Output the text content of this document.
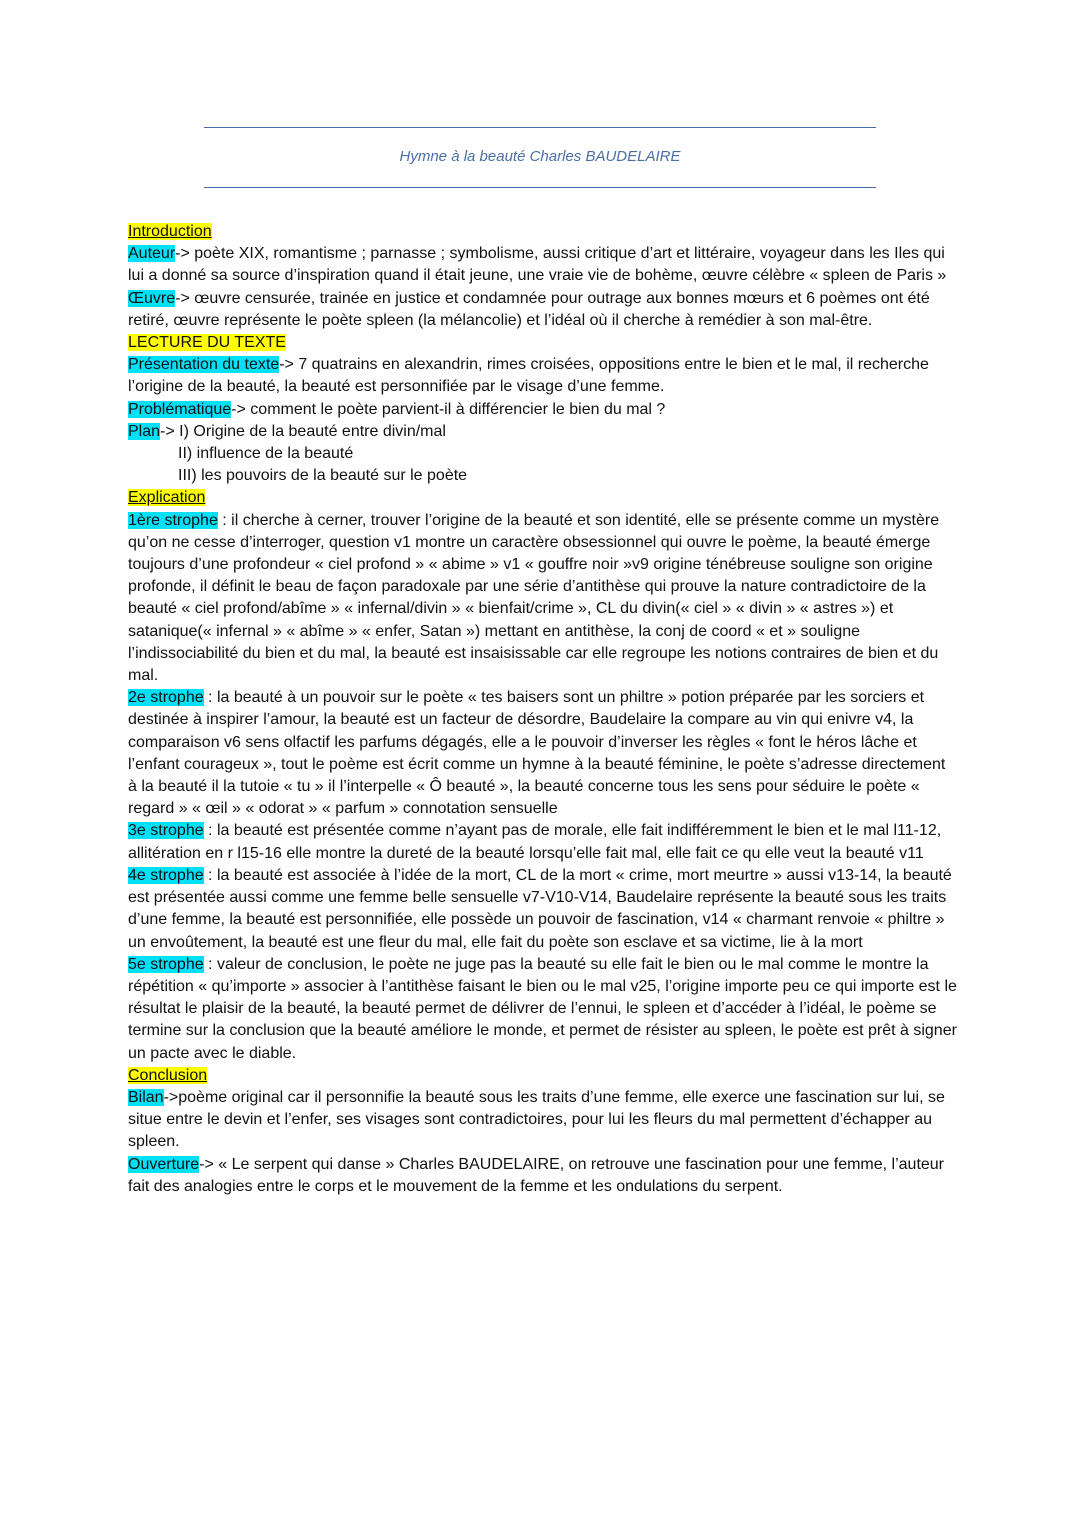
Hymne à la beauté Charles BAUDELAIRE

Introduction

Auteur-> poète XIX, romantisme ; parnasse ; symbolisme, aussi critique d’art et littéraire, voyageur dans les Iles qui lui a donné sa source d’inspiration quand il était jeune, une vraie vie de bohème, œuvre célèbre « spleen de Paris »

Œuvre-> œuvre censurée, trainée en justice et condamnée pour outrage aux bonnes mœurs et 6 poèmes ont été retiré, œuvre représente le poète spleen (la mélancolie) et l’idéal où il cherche à remédier à son mal-être.

LECTURE DU TEXTE

Présentation du texte-> 7 quatrains en alexandrin, rimes croisées, oppositions entre le bien et le mal, il recherche l’origine de la beauté, la beauté est personnifiée par le visage d’une femme.

Problématique-> comment le poète parvient-il à différencier le bien du mal ?

Plan-> I) Origine de la beauté entre divin/mal

II) influence de la beauté

III) les pouvoirs de la beauté sur le poète

Explication

1ère strophe : il cherche à cerner, trouver l’origine de la beauté et son identité, elle se présente comme un mystère qu’on ne cesse d’interroger, question v1 montre un caractère obsessionnel qui ouvre le poème, la beauté émerge toujours d’une profondeur « ciel profond » « abime » v1 « gouffre noir »v9 origine ténébreuse souligne son origine profonde, il définit le beau de façon paradoxale par une série d’antithèse qui prouve la nature contradictoire de la beauté « ciel profond/abîme » « infernal/divin » « bienfait/crime », CL du divin(« ciel » « divin » « astres ») et satanique(« infernal » « abîme » « enfer, Satan ») mettant en antithèse, la conj de coord « et » souligne l’indissociabilité du bien et du mal, la beauté est insaisissable car elle regroupe les notions contraires de bien et du mal.

2e strophe : la beauté à un pouvoir sur le poète « tes baisers sont un philtre » potion préparée par les sorciers et destinée à inspirer l’amour, la beauté est un facteur de désordre, Baudelaire la compare au vin qui enivre v4, la comparaison v6 sens olfactif les parfums dégagés, elle a le pouvoir d’inverser les règles « font le héros lâche et l’enfant courageux », tout le poème est écrit comme un hymne à la beauté féminine, le poète s’adresse directement à la beauté il la tutoie « tu » il l’interpelle « Ô beauté », la beauté concerne tous les sens pour séduire le poète « regard » « œil » « odorat » « parfum » connotation sensuelle

3e strophe : la beauté est présentée comme n’ayant pas de morale, elle fait indifféremment le bien et le mal l11-12, allitération en r l15-16 elle montre la dureté de la beauté lorsqu’elle fait mal, elle fait ce qu elle veut la beauté v11

4e strophe : la beauté est associée à l’idée de la mort, CL de la mort « crime, mort meurtre » aussi v13-14, la beauté est présentée aussi comme une femme belle sensuelle v7-V10-V14, Baudelaire représente la beauté sous les traits d’une femme, la beauté est personnifiée, elle possède un pouvoir de fascination, v14 « charmant renvoie « philtre » un envoûtement, la beauté est une fleur du mal, elle fait du poète son esclave et sa victime, lie à la mort

5e strophe : valeur de conclusion, le poète ne juge pas la beauté su elle fait le bien ou le mal comme le montre la répétition « qu’importe » associer à l’antithèse faisant le bien ou le mal v25, l’origine importe peu ce qui importe est le résultat le plaisir de la beauté, la beauté permet de délivrer de l’ennui, le spleen et d’accéder à l’idéal, le poème se termine sur la conclusion que la beauté améliore le monde, et permet de résister au spleen, le poète est prêt à signer un pacte avec le diable.

Conclusion

Bilan->poème original car il personnifie la beauté sous les traits d’une femme, elle exerce une fascination sur lui, se situe entre le devin et l’enfer, ses visages sont contradictoires, pour lui les fleurs du mal permettent d’échapper au spleen.

Ouverture-> « Le serpent qui danse » Charles BAUDELAIRE, on retrouve une fascination pour une femme, l’auteur fait des analogies entre le corps et le mouvement de la femme et les ondulations du serpent.
